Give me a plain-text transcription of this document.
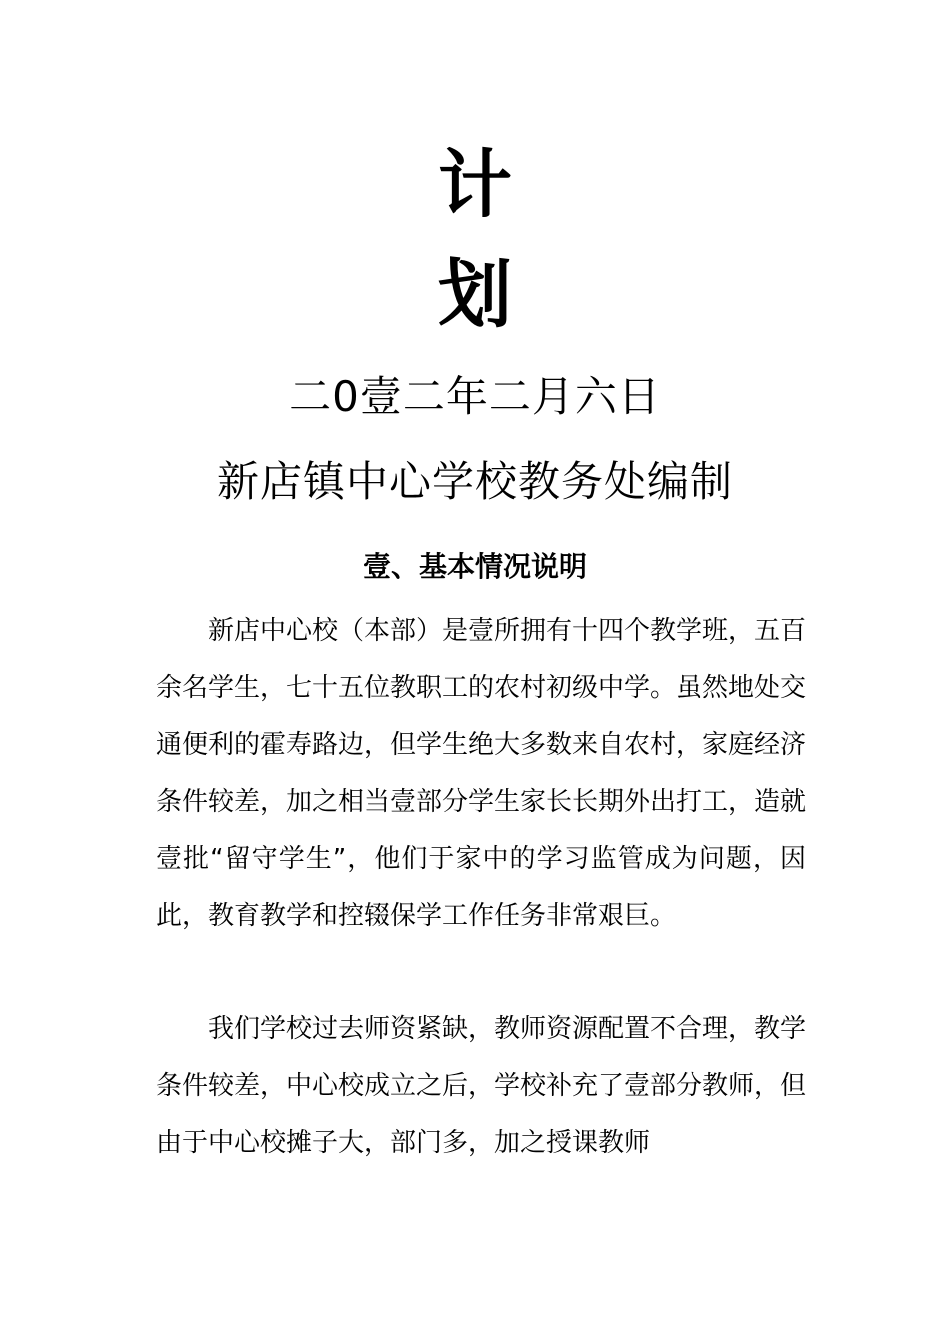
计
划
二0壹二年二月六日
新店镇中心学校教务处编制
壹、基本情况说明

新店中心校（本部）是壹所拥有十四个教学班，五百余名学生，七十五位教职工的农村初级中学。虽然地处交通便利的霍寿路边，但学生绝大多数来自农村，家庭经济条件较差，加之相当壹部分学生家长长期外出打工，造就壹批“留守学生”，他们于家中的学习监管成为问题，因此，教育教学和控辍保学工作任务非常艰巨。

我们学校过去师资紧缺，教师资源配置不合理，教学条件较差，中心校成立之后，学校补充了壹部分教师，但由于中心校摊子大，部门多，加之授课教师
